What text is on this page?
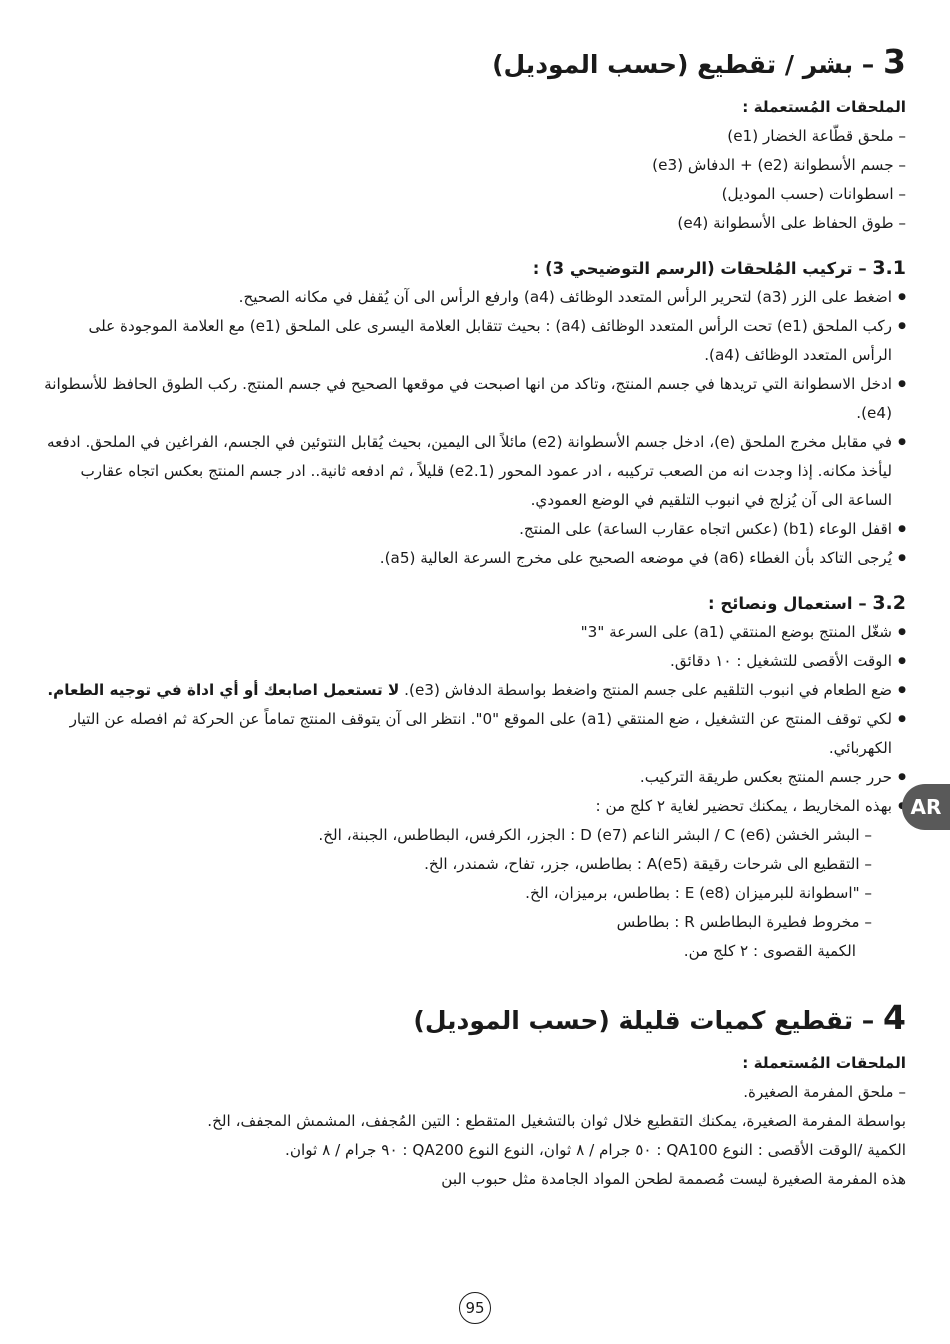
3 – بشر / تقطيع (حسب الموديل)

الملحقات المُستعملة :

– ملحق قطّاعة الخضار (e1)

– جسم الأسطوانة (e2) + الدفاش (e3)

– اسطوانات (حسب الموديل)

– طوق الحفاظ على الأسطوانة (e4)

3.1 – تركيب المُلحقات (الرسم التوضيحي 3) :

● اضغط على الزر (a3) لتحرير الرأس المتعدد الوظائف (a4) وارفع الرأس الى آن يُقفل في مكانه الصحيح.

● ركب الملحق (e1) تحت الرأس المتعدد الوظائف (a4) : بحيث تتقابل العلامة اليسرى على الملحق (e1) مع العلامة الموجودة على

الرأس المتعدد الوظائف (a4).

● ادخل الاسطوانة التي تريدها في جسم المنتج، وتاكد من انها اصبحت في موقعها الصحيح في جسم المنتج. ركب الطوق الحافظ للأسطوانة

(e4).

● في مقابل مخرج الملحق (e)، ادخل جسم الأسطوانة (e2) مائلاً الى اليمين، بحيث يُقابل النتوئين في الجسم، الفراغين في الملحق. ادفعه

ليأخذ مكانه. إذا وجدت انه من الصعب تركيبه ، ادر عمود المحور (e2.1) قليلاً ، ثم ادفعه ثانية.. ادر جسم المنتج بعكس اتجاه عقارب

الساعة الى آن يُزلج في انبوب التلقيم في الوضع العمودي.

● اقفل الوعاء (b1) (عكس اتجاه عقارب الساعة) على المنتج.

● يُرجى التاكد بأن الغطاء (a6) في موضعه الصحيح على مخرج السرعة العالية (a5).

3.2 – استعمال ونصائح :

● شغّل المنتج بوضع المنتقي (a1) على السرعة "3"

● الوقت الأقصى للتشغيل : ١٠ دقائق.

● ضع الطعام في انبوب التلقيم على جسم المنتج واضغط بواسطة الدفاش (e3). لا تستعمل اصابعك أو أي اداة في توجيه الطعام.

● لكي توقف المنتج عن التشغيل ، ضع المنتقي (a1) على الموقع "0". انتظر الى آن يتوقف المنتج تماماً عن الحركة ثم افصله عن التيار

الكهربائي.

● حرر جسم المنتج بعكس طريقة التركيب.

● بهذه المخاريط ، يمكنك تحضير لغاية ٢ كلج من :

– البشر الخشن C (e6) / البشر الناعم D (e7) : الجزر، الكرفس، البطاطس، الجبنة، الخ.

– التقطيع الى شرحات رقيقة A(e5) : بطاطس، جزر، تفاح، شمندر، الخ.

– "اسطوانة للبرميزان E (e8) : بطاطس، برميزان، الخ.

– مخروط فطيرة البطاطس R : بطاطس

الكمية القصوى : ٢ كلج من.

4 – تقطيع كميات قليلة (حسب الموديل)

الملحقات المُستعملة :

– ملحق المفرمة الصغيرة.

بواسطة المفرمة الصغيرة، يمكنك التقطيع خلال ثوان بالتشغيل المتقطع : التين المُجفف، المشمش المجفف، الخ.

الكمية /الوقت الأقصى : النوع QA100 : ٥٠ جرام / ٨ ثوان، النوع النوع QA200 : ٩٠ جرام / ٨ ثوان.

هذه المفرمة الصغيرة ليست مُصممة لطحن المواد الجامدة مثل حبوب البن

AR
95
